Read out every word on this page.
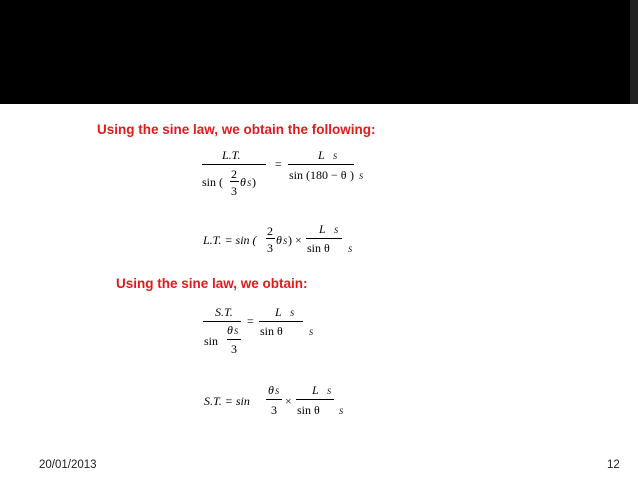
Using the sine law, we obtain the following:
L.T.
sin (
2
3
θ $_S$ )
=
L S
sin (180 − θ $_S$
)
L.T. = sin (
2
3
θ $_S$ ) ×
L S
sin θ $_S$
Using the sine law, we obtain:
S.T.
sin
θ $_S$
3
=
L S
sin θ	$_S$
S.T. = sin
θ S
3
×
L S
sin θ $_S$
20/01/2013	12
